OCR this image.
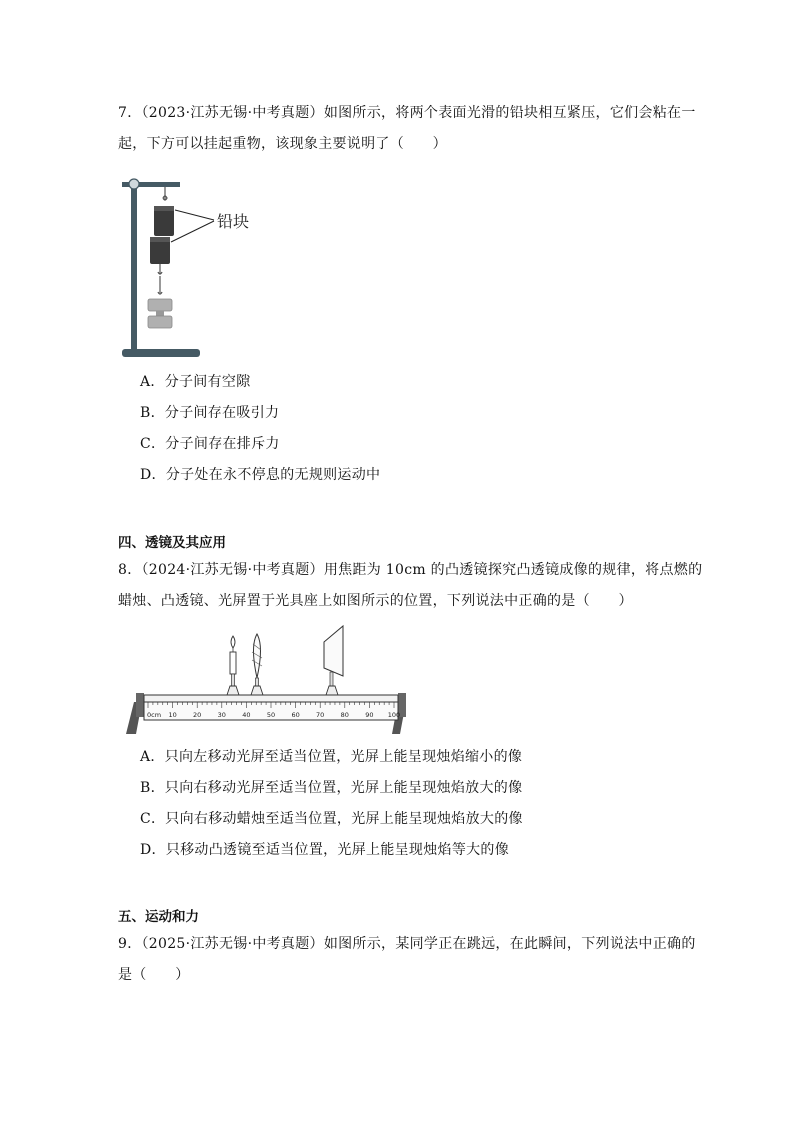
7．（2023·江苏无锡·中考真题）如图所示，将两个表面光滑的铅块相互紧压，它们会粘在一
起，下方可以挂起重物，该现象主要说明了（　　）
铅块
A．分子间有空隙
B．分子间存在吸引力
C．分子间存在排斥力
D．分子处在永不停息的无规则运动中
四、透镜及其应用
8．（2024·江苏无锡·中考真题）用焦距为 10cm 的凸透镜探究凸透镜成像的规律，将点燃的
蜡烛、凸透镜、光屏置于光具座上如图所示的位置，下列说法中正确的是（　　）
0cm 10	20	30	40	50	60	70	80	90 100
A．只向左移动光屏至适当位置，光屏上能呈现烛焰缩小的像
B．只向右移动光屏至适当位置，光屏上能呈现烛焰放大的像
C．只向右移动蜡烛至适当位置，光屏上能呈现烛焰放大的像
D．只移动凸透镜至适当位置，光屏上能呈现烛焰等大的像
五、运动和力
9．（2025·江苏无锡·中考真题）如图所示，某同学正在跳远，在此瞬间，下列说法中正确的
是（　　）
